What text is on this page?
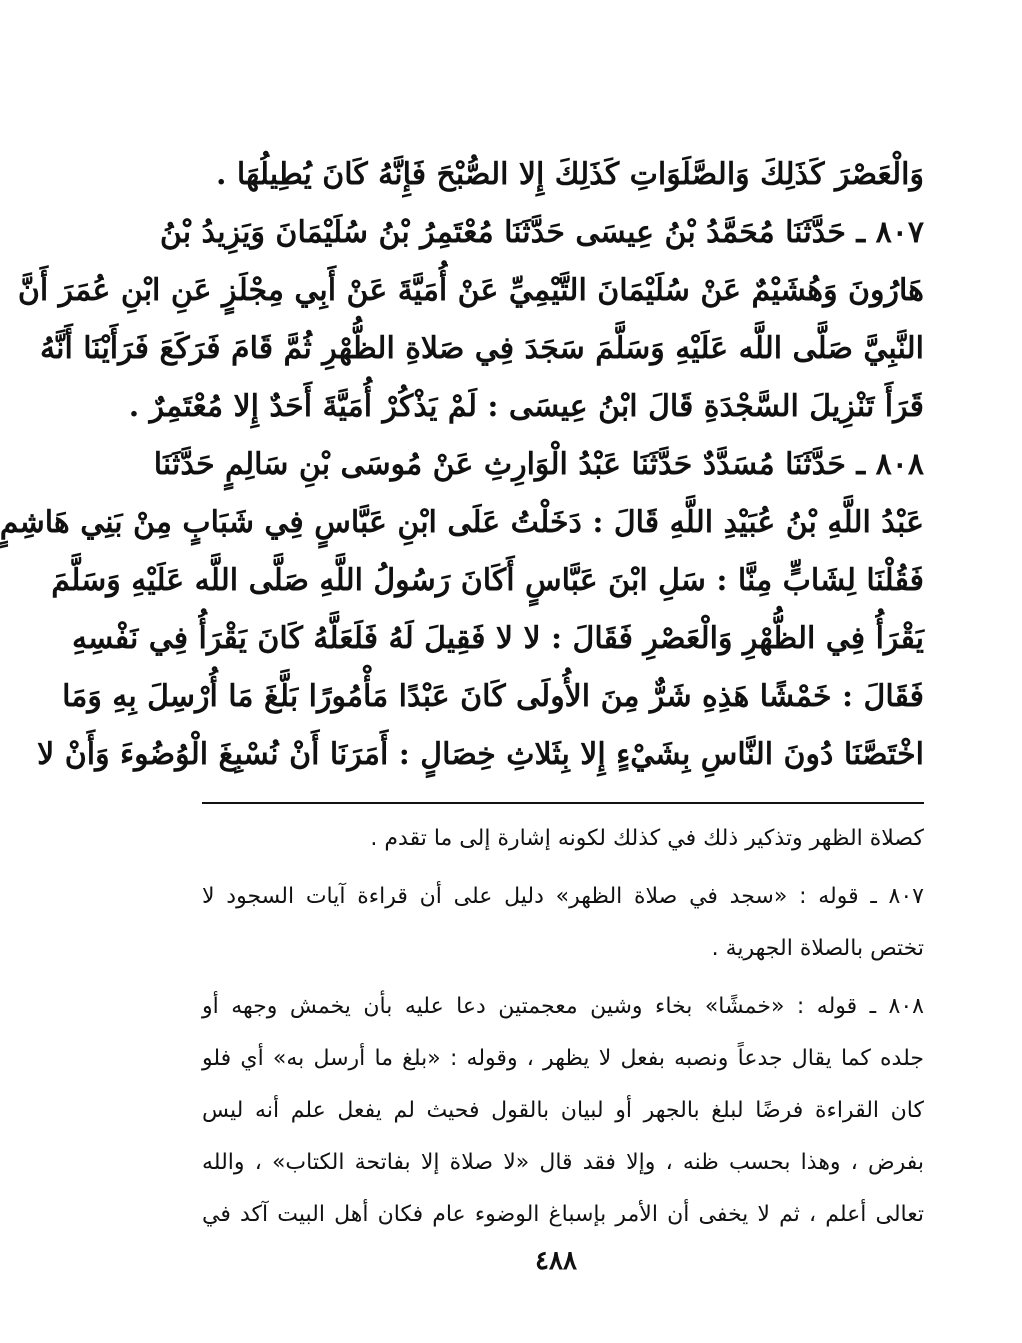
وَالْعَصْرَ كَذَلِكَ وَالصَّلَوَاتِ كَذَلِكَ إِلا الصُّبْحَ فَإِنَّهُ كَانَ يُطِيلُهَا .
٨٠٧ ـ حَدَّثَنَا مُحَمَّدُ بْنُ عِيسَى حَدَّثَنَا مُعْتَمِرُ بْنُ سُلَيْمَانَ وَيَزِيدُ بْنُ
هَارُونَ وَهُشَيْمٌ عَنْ سُلَيْمَانَ التَّيْمِيِّ عَنْ أُمَيَّةَ عَنْ أَبِي مِجْلَزٍ عَنِ ابْنِ عُمَرَ أَنَّ
النَّبِيَّ صَلَّى اللَّه عَلَيْهِ وَسَلَّمَ سَجَدَ فِي صَلاةِ الظُّهْرِ ثُمَّ قَامَ فَرَكَعَ فَرَأَيْنَا أَنَّهُ
قَرَأَ تَنْزِيلَ السَّجْدَةِ قَالَ ابْنُ عِيسَى : لَمْ يَذْكُرْ أُمَيَّةَ أَحَدٌ إِلا مُعْتَمِرٌ .
٨٠٨ ـ حَدَّثَنَا مُسَدَّدٌ حَدَّثَنَا عَبْدُ الْوَارِثِ عَنْ مُوسَى بْنِ سَالِمٍ حَدَّثَنَا
عَبْدُ اللَّهِ بْنُ عُبَيْدِ اللَّهِ قَالَ : دَخَلْتُ عَلَى ابْنِ عَبَّاسٍ فِي شَبَابٍ مِنْ بَنِي هَاشِمٍ
فَقُلْنَا لِشَابٍّ مِنَّا : سَلِ ابْنَ عَبَّاسٍ أَكَانَ رَسُولُ اللَّهِ صَلَّى اللَّه عَلَيْهِ وَسَلَّمَ
يَقْرَأُ فِي الظُّهْرِ وَالْعَصْرِ فَقَالَ : لا لا فَقِيلَ لَهُ فَلَعَلَّهُ كَانَ يَقْرَأُ فِي نَفْسِهِ
فَقَالَ : خَمْشًا هَذِهِ شَرٌّ مِنَ الأُولَى كَانَ عَبْدًا مَأْمُورًا بَلَّغَ مَا أُرْسِلَ بِهِ وَمَا
اخْتَصَّنَا دُونَ النَّاسِ بِشَيْءٍ إِلا بِثَلاثِ خِصَالٍ : أَمَرَنَا أَنْ نُسْبِغَ الْوُضُوءَ وَأَنْ لا
كصلاة الظهر وتذكير ذلك في كذلك لكونه إشارة إلى ما تقدم .
٨٠٧ ـ قوله : «سجد في صلاة الظهر» دليل على أن قراءة آيات السجود لا
تختص بالصلاة الجهرية .
٨٠٨ ـ قوله : «خمشًا» بخاء وشين معجمتين دعا عليه بأن يخمش وجهه أو
جلده كما يقال جدعاً ونصبه بفعل لا يظهر ، وقوله : «بلغ ما أرسل به» أي فلو
كان القراءة فرضًا لبلغ بالجهر أو لبيان بالقول فحيث لم يفعل علم أنه ليس
بفرض ، وهذا بحسب ظنه ، وإلا فقد قال «لا صلاة إلا بفاتحة الكتاب» ، والله
تعالى أعلم ، ثم لا يخفى أن الأمر بإسباغ الوضوء عام فكان أهل البيت آكد في
٤٨٨
